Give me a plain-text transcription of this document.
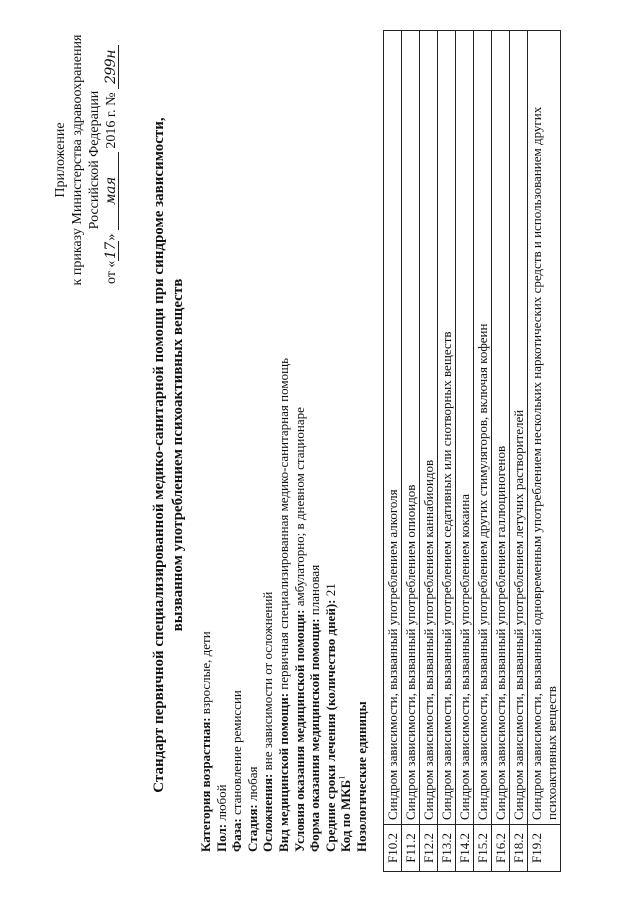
Приложение к приказу Министерства здравоохранения Российской Федерации
от «17» мая 2016 г. № 299н
Стандарт первичной специализированной медико-санитарной помощи при синдроме зависимости, вызванном употреблением психоактивных веществ
Категория возрастная: взрослые, дети
Пол: любой
Фаза: становление ремиссии
Стадия: любая Осложнения: вне зависимости от осложнений Вид медицинской помощи: первичная специализированная медико-санитарная помощь
Условия оказания медицинской помощи: амбулаторно; в дневном стационаре
Форма оказания медицинской помощи: плановая
Средние сроки лечения (количество дней): 21
Код по МКБ$^1$ Нозологические единицы F10.2	Синдром зависимости, вызванный употреблением алкоголя
F11.2	Синдром зависимости, вызванный употреблением опиоидов
F12.2	Синдром зависимости, вызванный употреблением каннабиоидов
F13.2	Синдром зависимости, вызванный употреблением седативных или снотворных веществ
F14.2	Синдром зависимости, вызванный употреблением кокаина
F15.2	Синдром зависимости, вызванный употреблением других стимуляторов, включая кофеин
F16.2	Синдром зависимости, вызванный употреблением галлюциногенов
F18.2	Синдром зависимости, вызванный употреблением летучих растворителей
F19.2	Синдром зависимости, вызванный одновременным употреблением нескольких наркотических средств и использованием других психоактивных веществ
